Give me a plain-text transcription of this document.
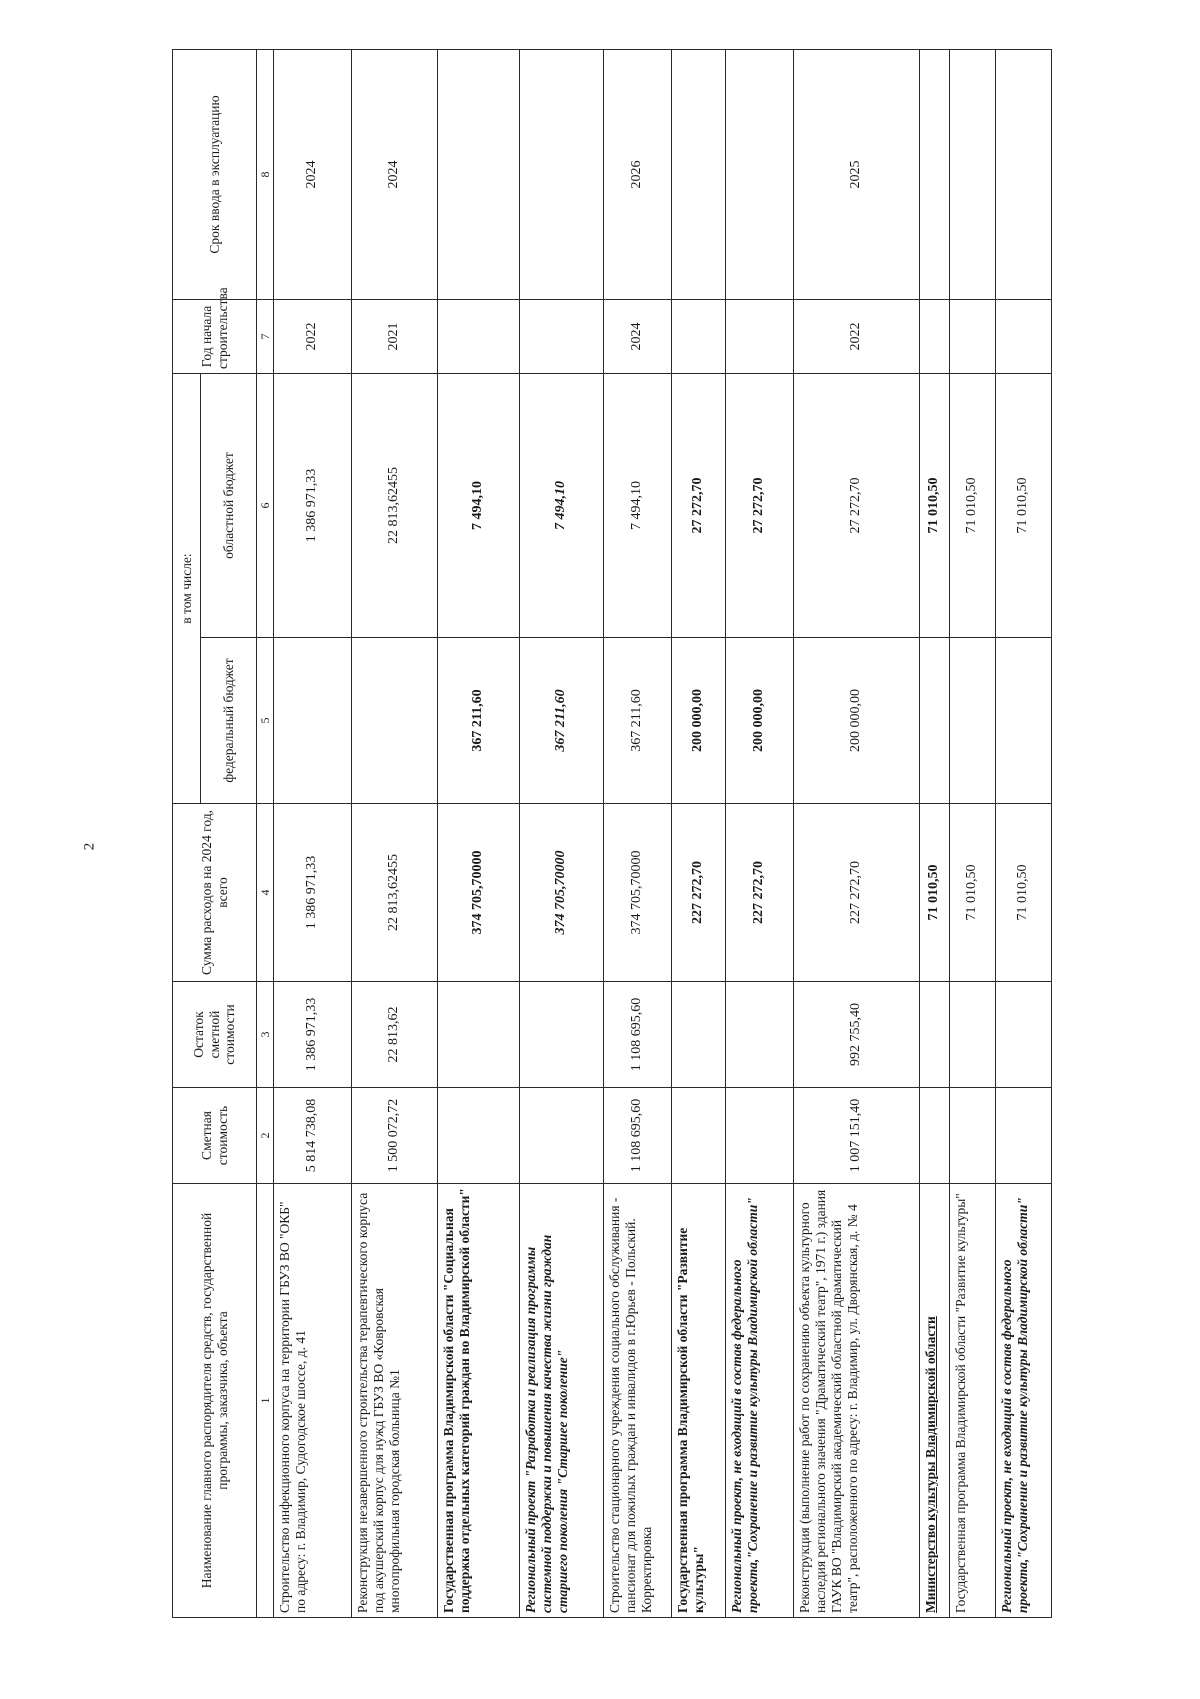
2
Наименование главного распорядителя средств, государственной программы, заказчика, объекта	Сметная стоимость	Остаток сметной стоимости	Сумма расходов на 2024 год, всего	в том числе:		Год начала строительства	Срок ввода в эксплуатацию
				федеральный бюджет	областной бюджет		
1	2	3	4	5	6	7	8
Строительство инфекционного корпуса на территории ГБУЗ ВО "ОКБ" по адресу: г. Владимир, Судогодское шоссе, д. 41	5 814 738,08	1 386 971,33	1 386 971,33		1 386 971,33	2022	2024
Реконструкция незавершенного строительства терапевтического корпуса под акушерский корпус для нужд ГБУЗ ВО «Ковровская многопрофильная городская больница №1	1 500 072,72	22 813,62	22 813,62455		22 813,62455	2021	2024
Государственная программа Владимирской области "Социальная поддержка отдельных категорий граждан во Владимирской области"			374 705,70000	367 211,60	7 494,10		
Региональный проект "Разработка и реализация программы системной поддержки и повышения качества жизни граждан старшего поколения "Старшее поколение"			374 705,70000	367 211,60	7 494,10		
Строительство стационарного учреждения социального обслуживания - пансионат для пожилых граждан и инвалидов в г.Юрьев - Польский. Корректировка	1 108 695,60	1 108 695,60	374 705,70000	367 211,60	7 494,10	2024	2026
Государственная программа Владимирской области "Развитие культуры"			227 272,70	200 000,00	27 272,70		
Региональный проект, не входящий в состав федерального проекта,"Сохранение и развитие культуры Владимирской области"			227 272,70	200 000,00	27 272,70		
Реконструкция (выполнение работ по сохранению объекта культурного наследия регионального значения "Драматический театр", 1971 г.) здания ГАУК ВО "Владимирский академический областной драматический театр", расположенного по адресу: г. Владимир, ул. Дворянская, д. № 4	1 007 151,40	992 755,40	227 272,70	200 000,00	27 272,70	2022	2025
Министерство культуры Владимирской области			71 010,50		71 010,50		
Государственная программа Владимирской области "Развитие культуры"			71 010,50		71 010,50		
Региональный проект, не входящий в состав федерального проекта,"Сохранение и развитие культуры Владимирской области"			71 010,50		71 010,50		
